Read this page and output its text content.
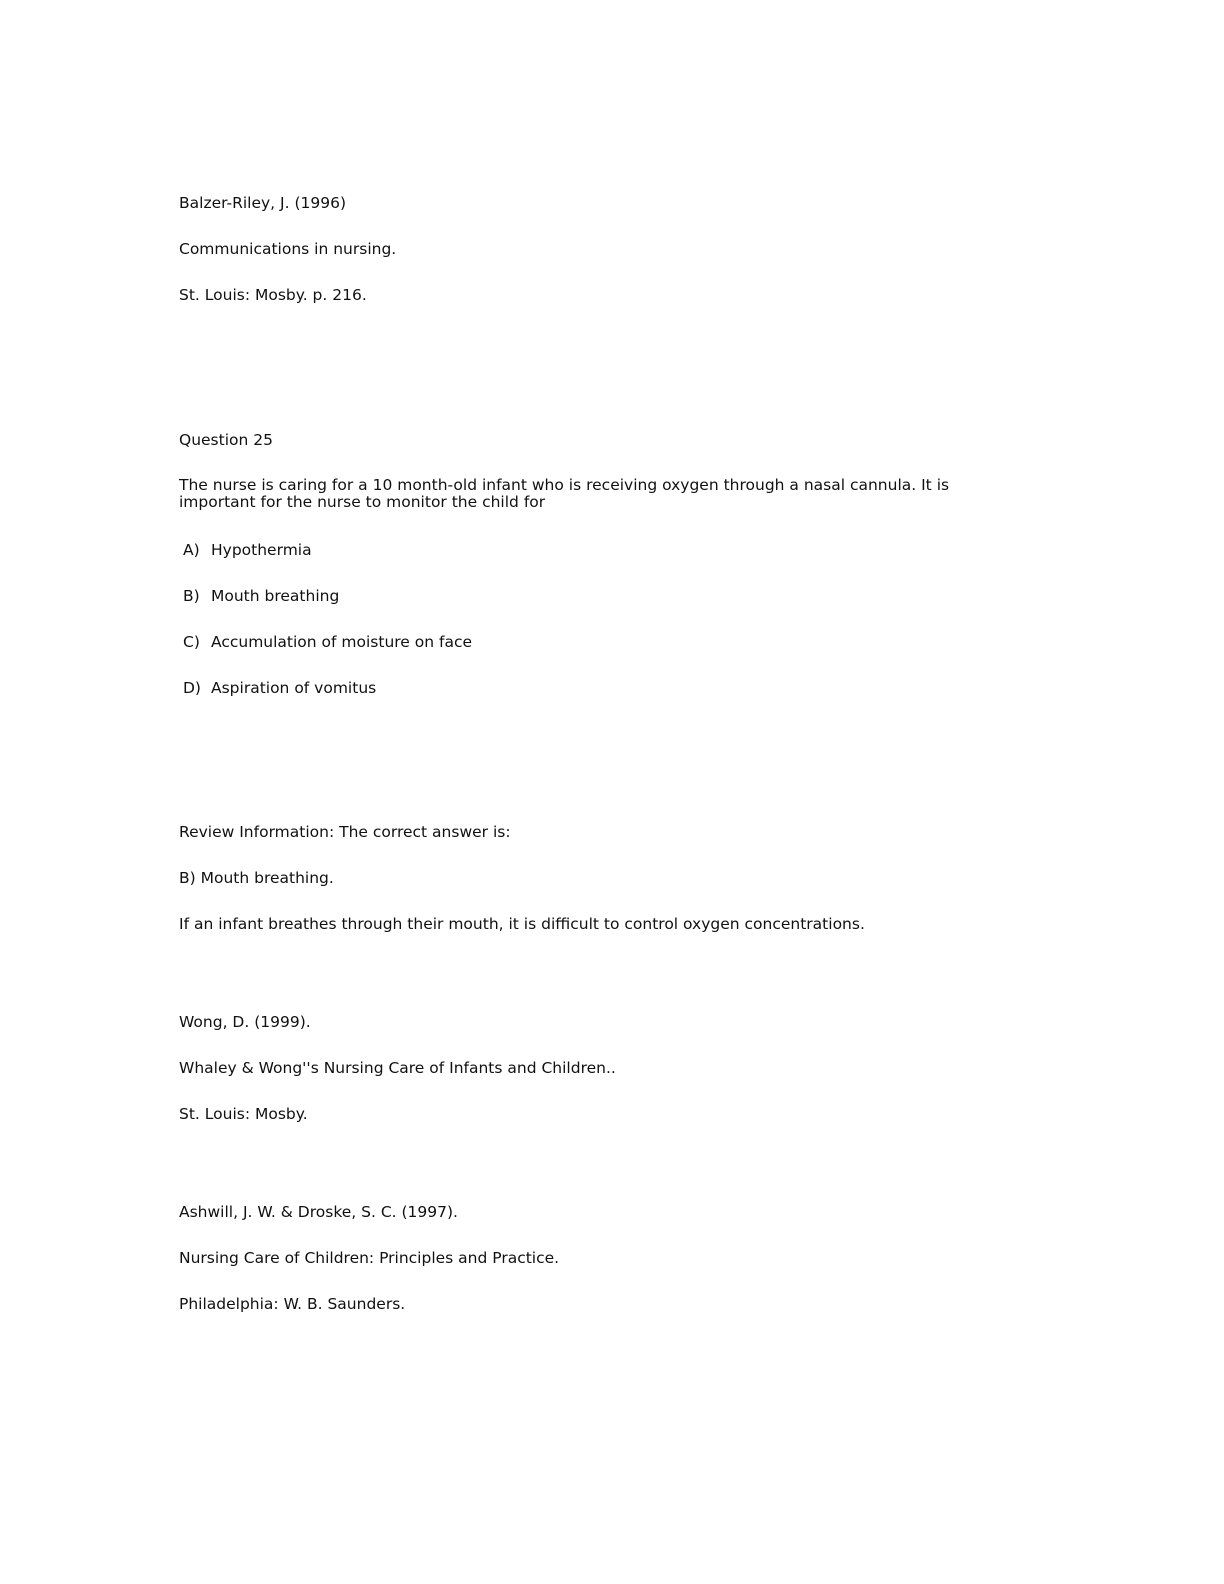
Balzer-Riley, J. (1996)
Communications in nursing.
St. Louis: Mosby. p. 216.
Question 25
The nurse is caring for a 10 month-old infant who is receiving oxygen through a nasal cannula. It is important for the nurse to monitor the child for
A) Hypothermia
B) Mouth breathing
C) Accumulation of moisture on face
D) Aspiration of vomitus
Review Information: The correct answer is:
B) Mouth breathing.
If an infant breathes through their mouth, it is difficult to control oxygen concentrations.
Wong, D. (1999).
Whaley & Wong''s Nursing Care of Infants and Children..
St. Louis: Mosby.
Ashwill, J. W. & Droske, S. C. (1997).
Nursing Care of Children: Principles and Practice.
Philadelphia: W. B. Saunders.
